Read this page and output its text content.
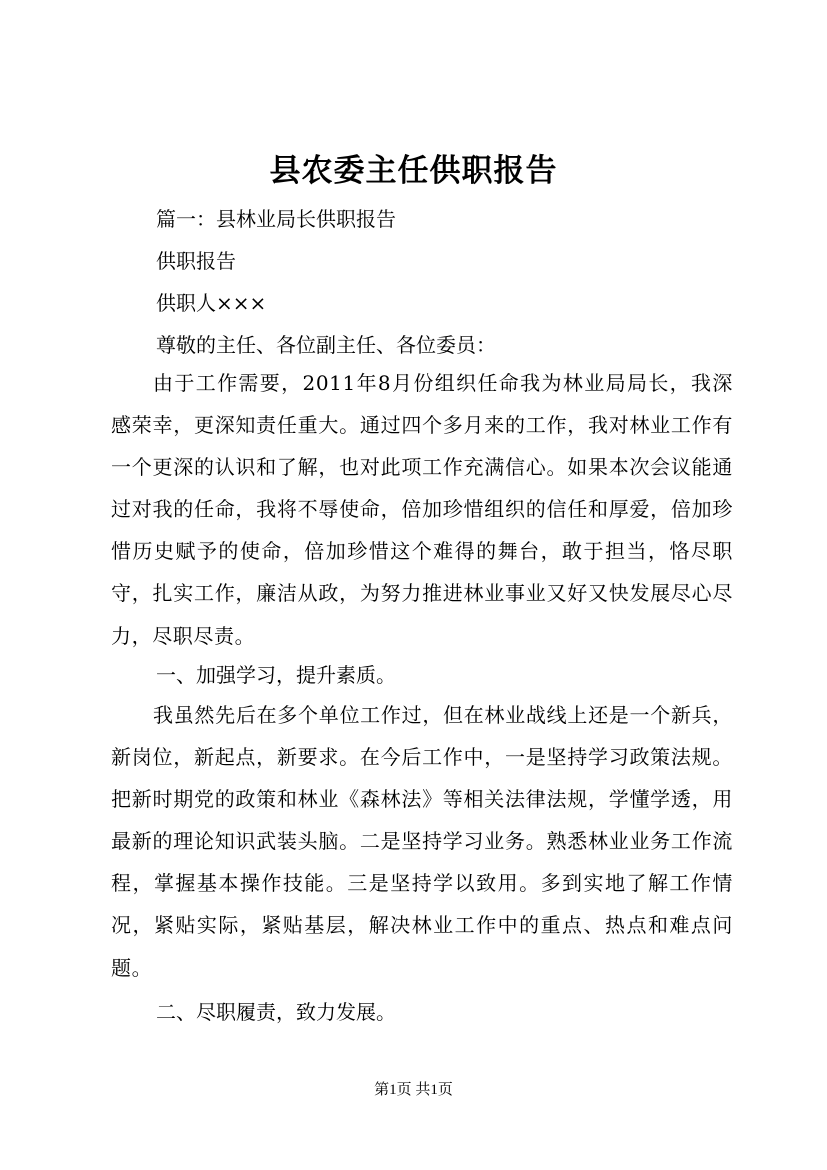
县农委主任供职报告
篇一：县林业局长供职报告
供职报告
供职人×××
尊敬的主任、各位副主任、各位委员：

由于工作需要，2011年8月份组织任命我为林业局局长，我深感荣幸，更深知责任重大。通过四个多月来的工作，我对林业工作有一个更深的认识和了解，也对此项工作充满信心。如果本次会议能通过对我的任命，我将不辱使命，倍加珍惜组织的信任和厚爱，倍加珍惜历史赋予的使命，倍加珍惜这个难得的舞台，敢于担当，恪尽职守，扎实工作，廉洁从政，为努力推进林业事业又好又快发展尽心尽力，尽职尽责。

一、加强学习，提升素质。

我虽然先后在多个单位工作过，但在林业战线上还是一个新兵，新岗位，新起点，新要求。在今后工作中，一是坚持学习政策法规。把新时期党的政策和林业《森林法》等相关法律法规，学懂学透，用最新的理论知识武装头脑。二是坚持学习业务。熟悉林业业务工作流程，掌握基本操作技能。三是坚持学以致用。多到实地了解工作情况，紧贴实际，紧贴基层，解决林业工作中的重点、热点和难点问题。

二、尽职履责，致力发展。
第1页 共1页
